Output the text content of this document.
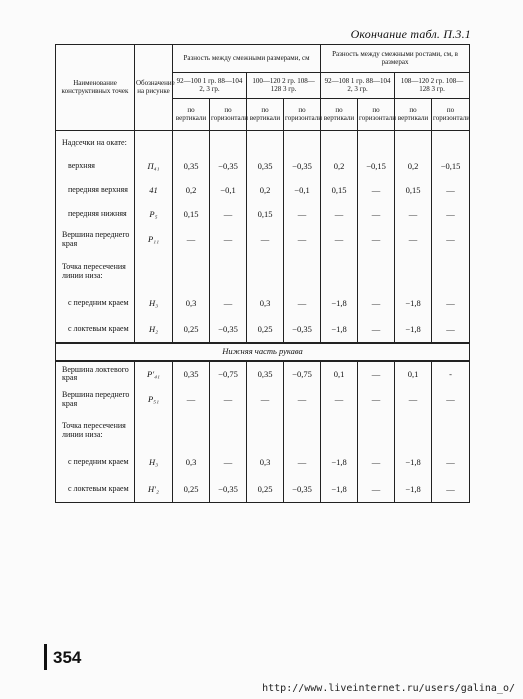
Окончание табл. П.3.1
Наименование конструктивных точек	Обозначение на рисунке	Разность между смежными размерами, см				Разность между смежными ростами, см, в размерах			
		92—100 1 гр. 88—104 2, 3 гр.		100—120 2 гр. 108—128 3 гр.		92—108 1 гр. 88—104 2, 3 гр.		108—120 2 гр. 108—128 3 гр.	
		по вертикали	по горизонтали	по вертикали	по горизонтали	по вертикали	по горизонтали	по вертикали	по горизонтали
Надсечки на окате:									
верхняя	П₄₁	0,35	−0,35	0,35	−0,35	0,2	−0,15	0,2	−0,15
передняя верхняя	41	0,2	−0,1	0,2	−0,1	0,15	—	0,15	—
передняя нижняя	Р₅	0,15	—	0,15	—	—	—	—	—
Вершина переднего края	Р₁₁	—	—	—	—	—	—	—	—
Точка пересечения линии низа:									
с передним краем	Н₃	0,3	—	0,3	—	−1,8	—	−1,8	—
с локтевым краем	Н₂	0,25	−0,35	0,25	−0,35	−1,8	—	−1,8	—
Нижняя часть рукава									
Вершина локтевого края	Р′₄₁	0,35	−0,75	0,35	−0,75	0,1	—	0,1	-
Вершина переднего края	Р₅₁	—	—	—	—	—	—	—	—
Точка пересечения линии низа:									
с передним краем	Н₃	0,3	—	0,3	—	−1,8	—	−1,8	—
с локтевым краем	Н′₂	0,25	−0,35	0,25	−0,35	−1,8	—	−1,8	—
354
http://www.liveinternet.ru/users/galina_o/
